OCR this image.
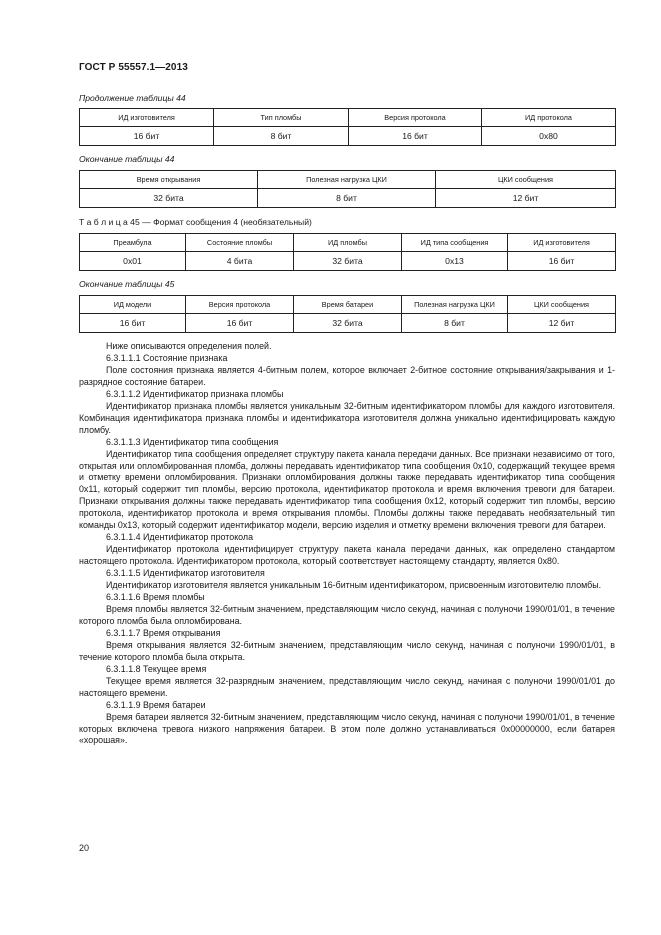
ГОСТ Р 55557.1—2013
Продолжение таблицы 44
ИД изготовителя	Тип пломбы	Версия протокола	ИД протокола
16 бит	8 бит	16 бит	0x80
Окончание таблицы 44
Время открывания	Полезная нагрузка ЦКИ	ЦКИ сообщения
32 бита	8 бит	12 бит
Т а б л и ц а 45 — Формат сообщения 4 (необязательный)
Преамбула	Состояние пломбы	ИД пломбы	ИД типа сообщения	ИД изготовителя
0x01	4 бита	32 бита	0x13	16 бит
Окончание таблицы 45
ИД модели	Версия протокола	Время батареи	Полезная нагрузка ЦКИ	ЦКИ сообщения
16 бит	16 бит	32 бита	8 бит	12 бит

Ниже описываются определения полей.

6.3.1.1.1 Состояние признака

Поле состояния признака является 4-битным полем, которое включает 2-битное состояние открывания/закрывания и 1-разрядное состояние батареи.

6.3.1.1.2 Идентификатор признака пломбы

Идентификатор признака пломбы является уникальным 32-битным идентификатором пломбы для каждого изготовителя. Комбинация идентификатора признака пломбы и идентификатора изготовителя должна уникально идентифицировать каждую пломбу.

6.3.1.1.3 Идентификатор типа сообщения

Идентификатор типа сообщения определяет структуру пакета канала передачи данных. Все признаки независимо от того, открытая или опломбированная пломба, должны передавать идентификатор типа сообщения 0x10, содержащий текущее время и отметку времени опломбирования. Признаки опломбирования должны также передавать идентификатор типа сообщения 0x11, который содержит тип пломбы, версию протокола, идентификатор протокола и время включения тревоги для батареи. Признаки открывания должны также передавать идентификатор типа сообщения 0x12, который содержит тип пломбы, версию протокола, идентификатор протокола и время открывания пломбы. Пломбы должны также передавать необязательный тип команды 0x13, который содержит идентификатор модели, версию изделия и отметку времени включения тревоги для батареи.

6.3.1.1.4 Идентификатор протокола

Идентификатор протокола идентифицирует структуру пакета канала передачи данных, как определено стандартом настоящего протокола. Идентификатором протокола, который соответствует настоящему стандарту, является 0x80.

6.3.1.1.5 Идентификатор изготовителя

Идентификатор изготовителя является уникальным 16-битным идентификатором, присвоенным изготовителю пломбы.

6.3.1.1.6 Время пломбы

Время пломбы является 32-битным значением, представляющим число секунд, начиная с полуночи 1990/01/01, в течение которого пломба была опломбирована.

6.3.1.1.7 Время открывания

Время открывания является 32-битным значением, представляющим число секунд, начиная с полуночи 1990/01/01, в течение которого пломба была открыта.

6.3.1.1.8 Текущее время

Текущее время является 32-разрядным значением, представляющим число секунд, начиная с полуночи 1990/01/01 до настоящего времени.

6.3.1.1.9 Время батареи

Время батареи является 32-битным значением, представляющим число секунд, начиная с полуночи 1990/01/01, в течение которых включена тревога низкого напряжения батареи. В этом поле должно устанавливаться 0x00000000, если батарея «хорошая».

20
